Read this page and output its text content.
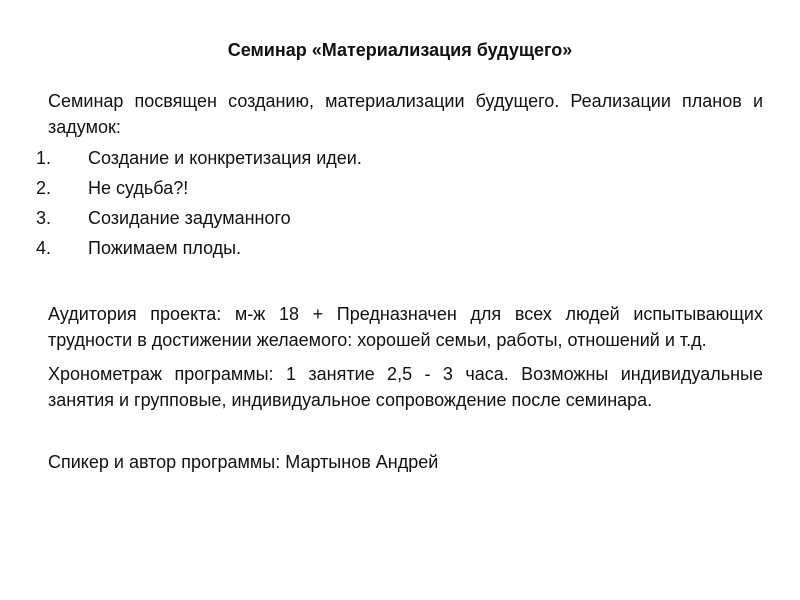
Семинар «Материализация будущего»

Семинар посвящен созданию, материализации будущего. Реализации планов и задумок:

1.	Создание и конкретизация идеи.
2.	Не судьба?!
3.	Созидание задуманного
4.	Пожимаем плоды.

Аудитория проекта: м-ж 18 + Предназначен для всех людей испытывающих трудности в достижении желаемого: хорошей семьи, работы, отношений и т.д.

Хронометраж программы: 1 занятие 2,5 - 3 часа. Возможны индивидуальные занятия и групповые, индивидуальное сопровождение после семинара.

Спикер и автор программы: Мартынов Андрей
